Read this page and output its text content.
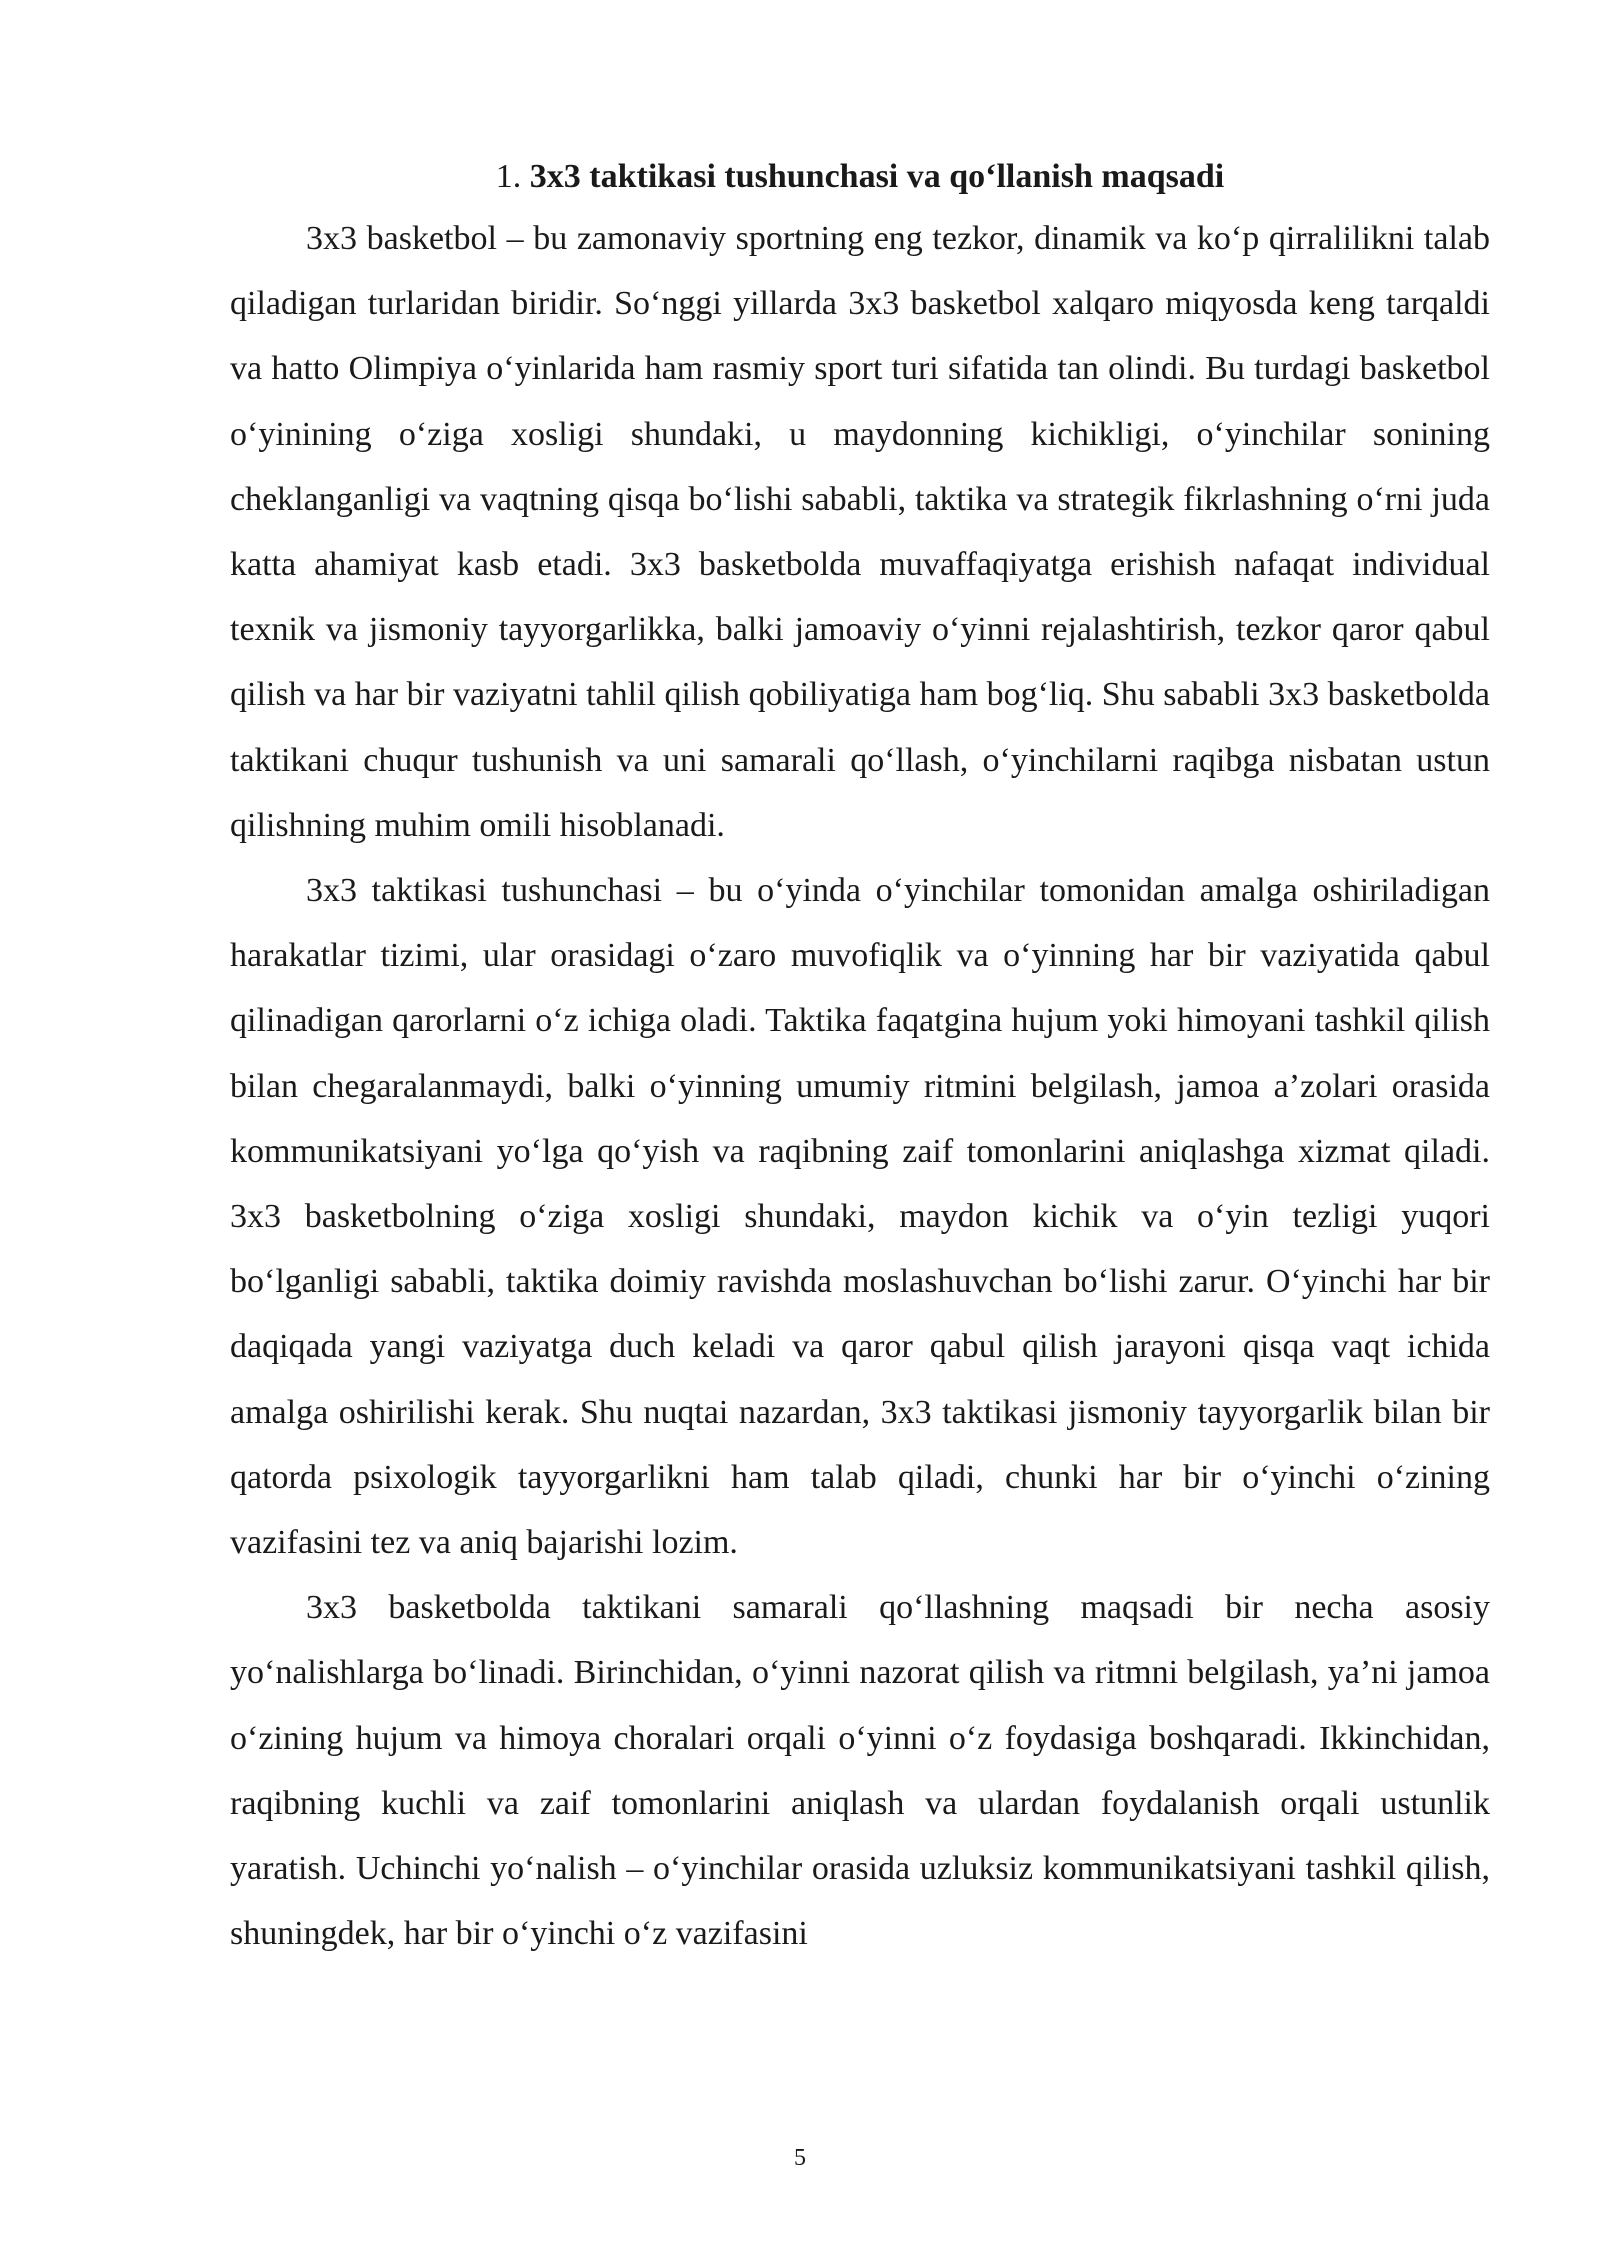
1. 3x3 taktikasi tushunchasi va qo‘llanish maqsadi

3x3 basketbol – bu zamonaviy sportning eng tezkor, dinamik va ko‘p qirralilikni talab qiladigan turlaridan biridir. So‘nggi yillarda 3x3 basketbol xalqaro miqyosda keng tarqaldi va hatto Olimpiya o‘yinlarida ham rasmiy sport turi sifatida tan olindi. Bu turdagi basketbol o‘yinining o‘ziga xosligi shundaki, u maydonning kichikligi, o‘yinchilar sonining cheklanganligi va vaqtning qisqa bo‘lishi sababli, taktika va strategik fikrlashning o‘rni juda katta ahamiyat kasb etadi. 3x3 basketbolda muvaffaqiyatga erishish nafaqat individual texnik va jismoniy tayyorgarlikka, balki jamoaviy o‘yinni rejalashtirish, tezkor qaror qabul qilish va har bir vaziyatni tahlil qilish qobiliyatiga ham bog‘liq. Shu sababli 3x3 basketbolda taktikani chuqur tushunish va uni samarali qo‘llash, o‘yinchilarni raqibga nisbatan ustun qilishning muhim omili hisoblanadi.

3x3 taktikasi tushunchasi – bu o‘yinda o‘yinchilar tomonidan amalga oshiriladigan harakatlar tizimi, ular orasidagi o‘zaro muvofiqlik va o‘yinning har bir vaziyatida qabul qilinadigan qarorlarni o‘z ichiga oladi. Taktika faqatgina hujum yoki himoyani tashkil qilish bilan chegaralanmaydi, balki o‘yinning umumiy ritmini belgilash, jamoa a’zolari orasida kommunikatsiyani yo‘lga qo‘yish va raqibning zaif tomonlarini aniqlashga xizmat qiladi. 3x3 basketbolning o‘ziga xosligi shundaki, maydon kichik va o‘yin tezligi yuqori bo‘lganligi sababli, taktika doimiy ravishda moslashuvchan bo‘lishi zarur. O‘yinchi har bir daqiqada yangi vaziyatga duch keladi va qaror qabul qilish jarayoni qisqa vaqt ichida amalga oshirilishi kerak. Shu nuqtai nazardan, 3x3 taktikasi jismoniy tayyorgarlik bilan bir qatorda psixologik tayyorgarlikni ham talab qiladi, chunki har bir o‘yinchi o‘zining vazifasini tez va aniq bajarishi lozim.

3x3 basketbolda taktikani samarali qo‘llashning maqsadi bir necha asosiy yo‘nalishlarga bo‘linadi. Birinchidan, o‘yinni nazorat qilish va ritmni belgilash, ya’ni jamoa o‘zining hujum va himoya choralari orqali o‘yinni o‘z foydasiga boshqaradi. Ikkinchidan, raqibning kuchli va zaif tomonlarini aniqlash va ulardan foydalanish orqali ustunlik yaratish. Uchinchi yo‘nalish – o‘yinchilar orasida uzluksiz kommunikatsiyani tashkil qilish, shuningdek, har bir o‘yinchi o‘z vazifasini

5
